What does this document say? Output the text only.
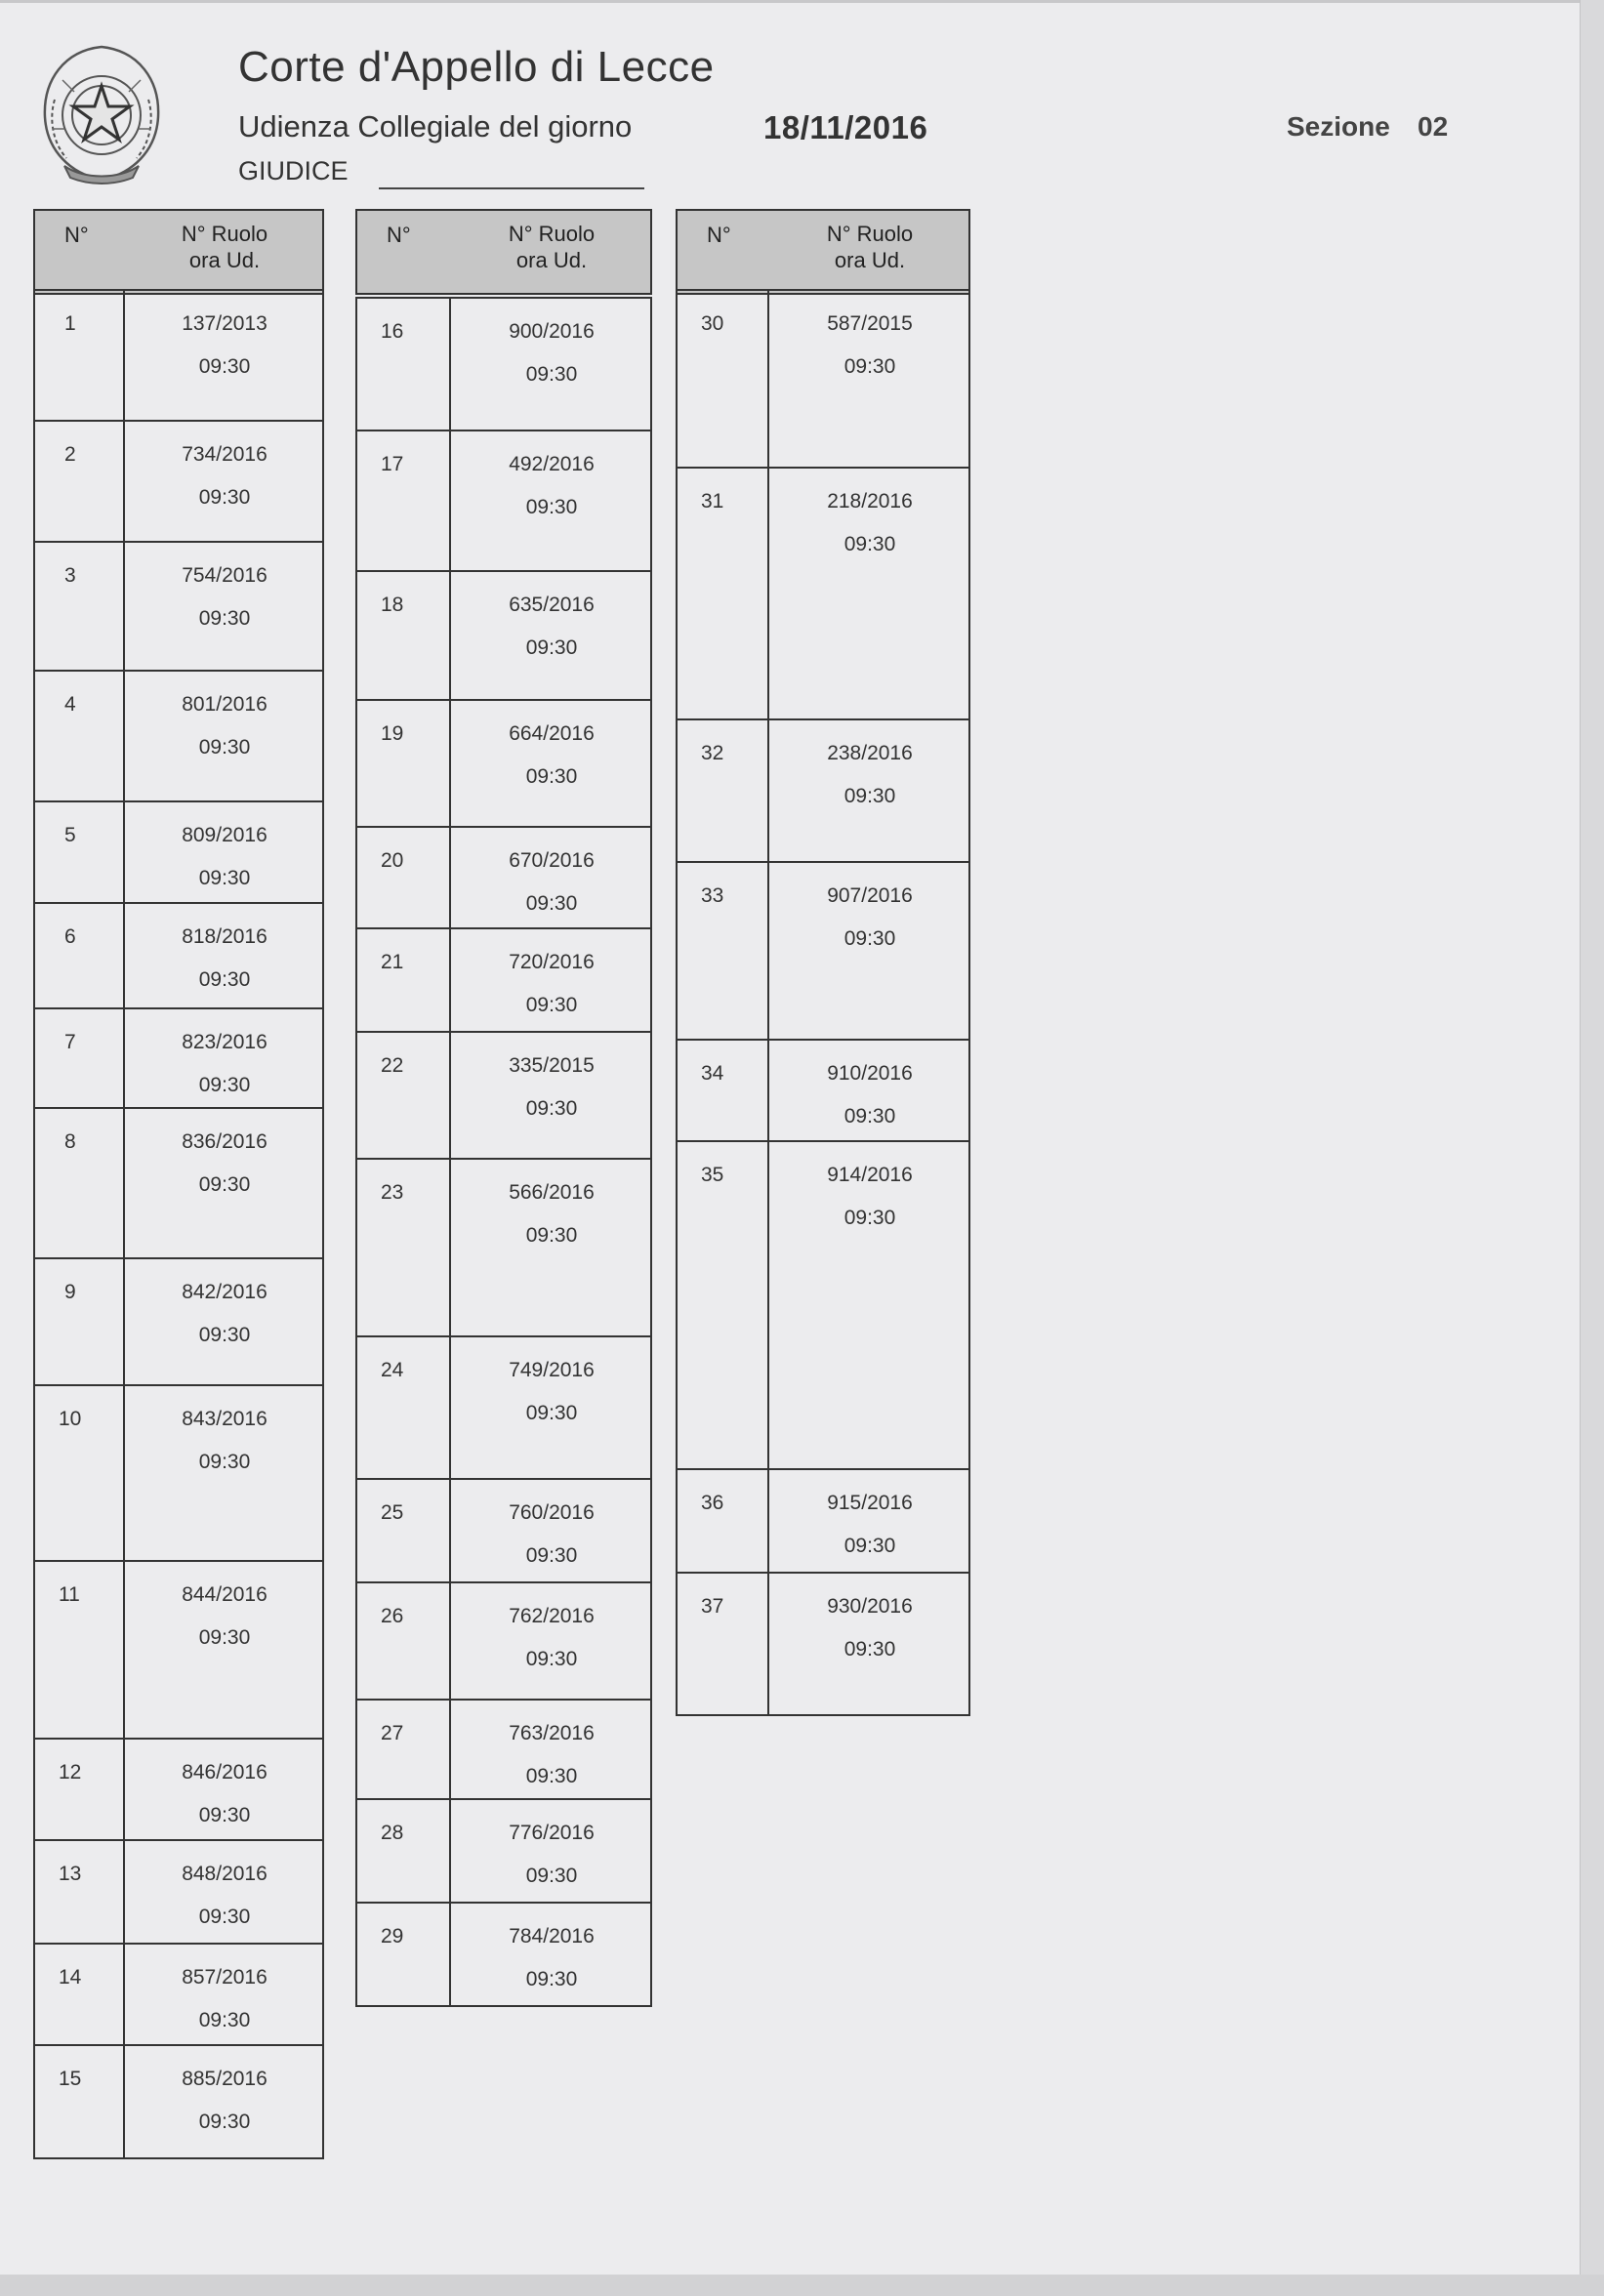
Corte d'Appello di Lecce
Udienza Collegiale del giorno	18/11/2016	Sezione 02
GIUDICE
N°	N° Ruolo
ora Ud.
1	137/2013
09:30
2	734/2016
09:30
3	754/2016
09:30
4	801/2016
09:30
5	809/2016
09:30
6	818/2016
09:30
7	823/2016
09:30
8	836/2016
09:30
9	842/2016
09:30
10	843/2016
09:30
11	844/2016
09:30
12	846/2016
09:30
13	848/2016
09:30
14	857/2016
09:30
15	885/2016
09:30
N°	N° Ruolo
ora Ud.
16	900/2016
09:30
17	492/2016
09:30
18	635/2016
09:30
19	664/2016
09:30
20	670/2016
09:30
21	720/2016
09:30
22	335/2015
09:30
23	566/2016
09:30
24	749/2016
09:30
25	760/2016
09:30
26	762/2016
09:30
27	763/2016
09:30
28	776/2016
09:30
29	784/2016
09:30
N°	N° Ruolo
ora Ud.
30	587/2015
09:30
31	218/2016
09:30
32	238/2016
09:30
33	907/2016
09:30
34	910/2016
09:30
35	914/2016
09:30
36	915/2016
09:30
37	930/2016
09:30
